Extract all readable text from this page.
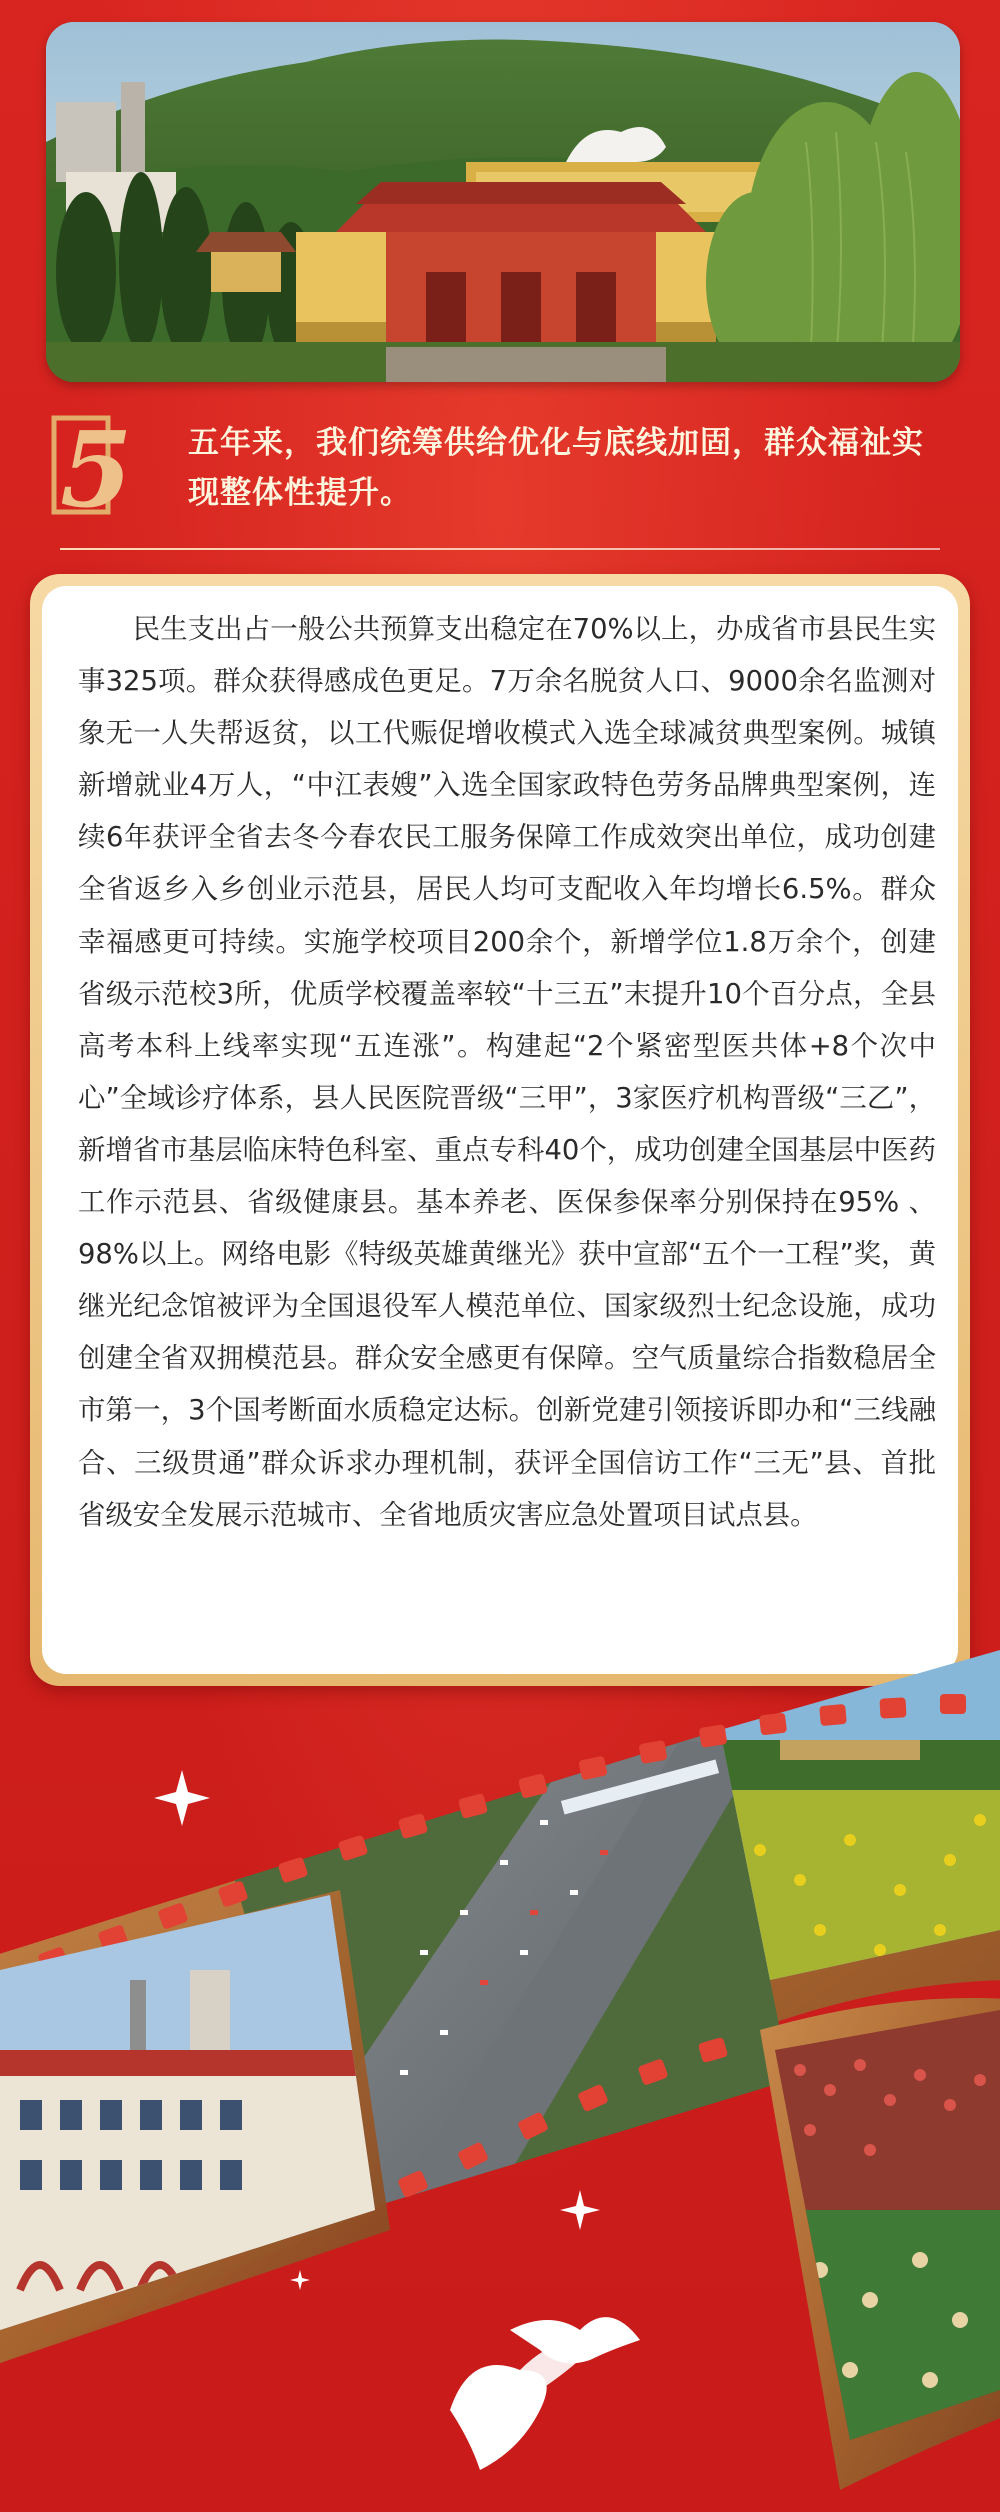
5 五年来，我们统筹供给优化与底线加固，群众福祉实现整体性提升。

民生支出占一般公共预算支出稳定在70%以上，办成省市县民生实事325项。群众获得感成色更足。7万余名脱贫人口、9000余名监测对象无一人失帮返贫，以工代赈促增收模式入选全球减贫典型案例。城镇新增就业4万人，“中江表嫂”入选全国家政特色劳务品牌典型案例，连续6年获评全省去冬今春农民工服务保障工作成效突出单位，成功创建全省返乡入乡创业示范县，居民人均可支配收入年均增长6.5%。群众幸福感更可持续。实施学校项目200余个，新增学位1.8万余个，创建省级示范校3所，优质学校覆盖率较“十三五”末提升10个百分点，全县高考本科上线率实现“五连涨”。构建起“2个紧密型医共体+8个次中心”全域诊疗体系，县人民医院晋级“三甲”，3家医疗机构晋级“三乙”，新增省市基层临床特色科室、重点专科40个，成功创建全国基层中医药工作示范县、省级健康县。基本养老、医保参保率分别保持在95% 、98%以上。网络电影《特级英雄黄继光》获中宣部“五个一工程”奖，黄继光纪念馆被评为全国退役军人模范单位、国家级烈士纪念设施，成功创建全省双拥模范县。群众安全感更有保障。空气质量综合指数稳居全市第一，3个国考断面水质稳定达标。创新党建引领接诉即办和“三线融合、三级贯通”群众诉求办理机制，获评全国信访工作“三无”县、首批省级安全发展示范城市、全省地质灾害应急处置项目试点县。
